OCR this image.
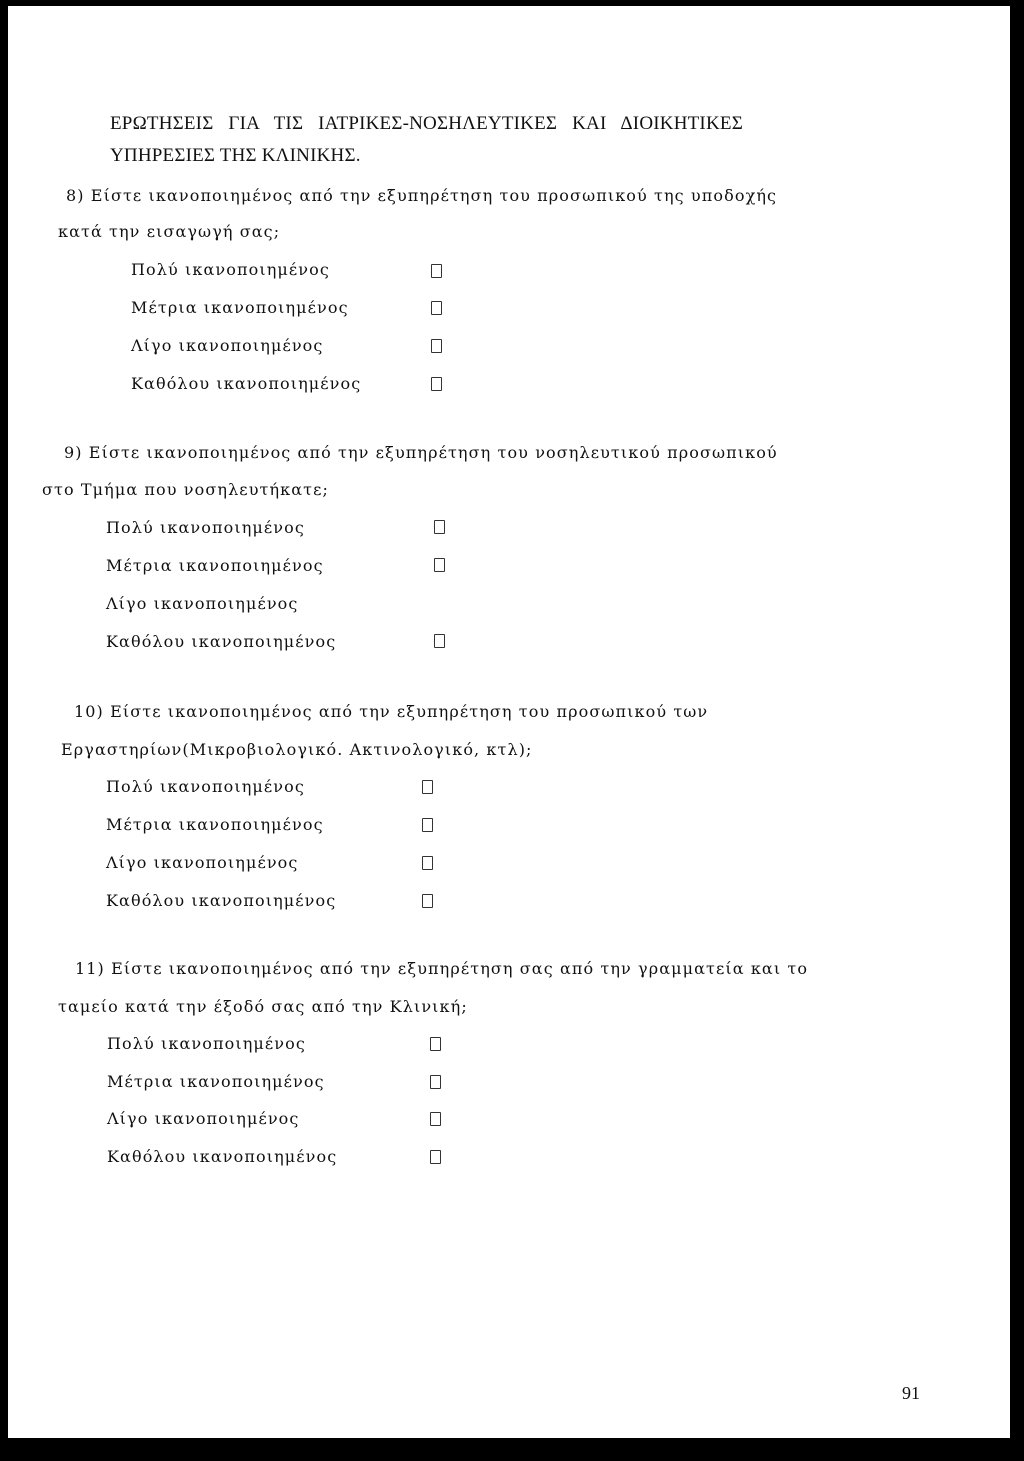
ΕΡΩΤΗΣΕΙΣ ΓΙΑ ΤΙΣ ΙΑΤΡΙΚΕΣ-ΝΟΣΗΛΕΥΤΙΚΕΣ ΚΑΙ ΔΙΟΙΚΗΤΙΚΕΣ
ΥΠΗΡΕΣΙΕΣ ΤΗΣ ΚΛΙΝΙΚΗΣ.
8) Είστε ικανοποιημένος από την εξυπηρέτηση του προσωπικού της υποδοχής
κατά την εισαγωγή σας;
Πολύ ικανοποιημένος
Μέτρια ικανοποιημένος
Λίγο ικανοποιημένος
Καθόλου ικανοποιημένος
9) Είστε ικανοποιημένος από την εξυπηρέτηση του νοσηλευτικού προσωπικού
στο Τμήμα που νοσηλευτήκατε;
Πολύ ικανοποιημένος
Μέτρια ικανοποιημένος
Λίγο ικανοποιημένος
Καθόλου ικανοποιημένος
10) Είστε ικανοποιημένος από την εξυπηρέτηση του προσωπικού των
Εργαστηρίων(Μικροβιολογικό. Ακτινολογικό, κτλ);
Πολύ ικανοποιημένος
Μέτρια ικανοποιημένος
Λίγο ικανοποιημένος
Καθόλου ικανοποιημένος
11) Είστε ικανοποιημένος από την εξυπηρέτηση σας από την γραμματεία και το
ταμείο κατά την έξοδό σας από την Κλινική;
Πολύ ικανοποιημένος
Μέτρια ικανοποιημένος
Λίγο ικανοποιημένος
Καθόλου ικανοποιημένος
91
